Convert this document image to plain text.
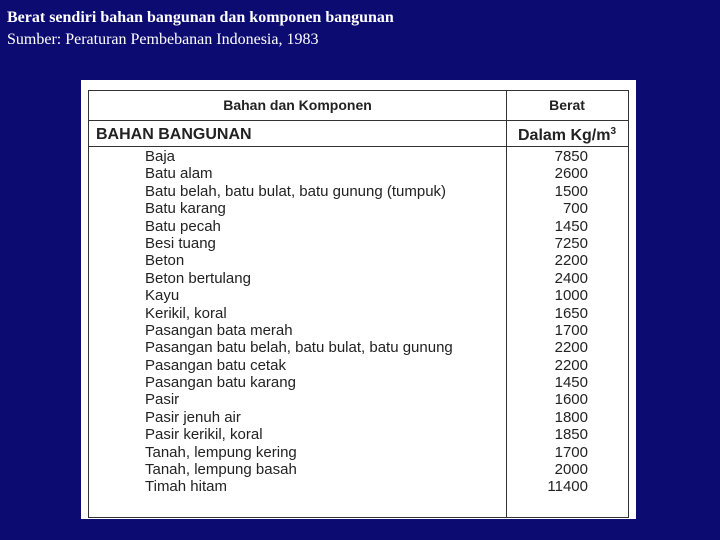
Berat sendiri bahan bangunan dan komponen bangunan
Sumber: Peraturan Pembebanan Indonesia, 1983
Bahan dan Komponen	Berat
BAHAN BANGUNAN	Dalam $Kg/m^3$
Baja	7850
Batu alam	2600
Batu belah, batu bulat, batu gunung (tumpuk)	1500
Batu karang	700
Batu pecah	1450
Besi tuang	7250
Beton	2200
Beton bertulang	2400
Kayu	1000
Kerikil, koral	1650
Pasangan bata merah	1700
Pasangan batu belah, batu bulat, batu gunung	2200
Pasangan batu cetak	2200
Pasangan batu karang	1450
Pasir	1600
Pasir jenuh air	1800
Pasir kerikil, koral	1850
Tanah, lempung kering	1700
Tanah, lempung basah	2000
Timah hitam	11400
